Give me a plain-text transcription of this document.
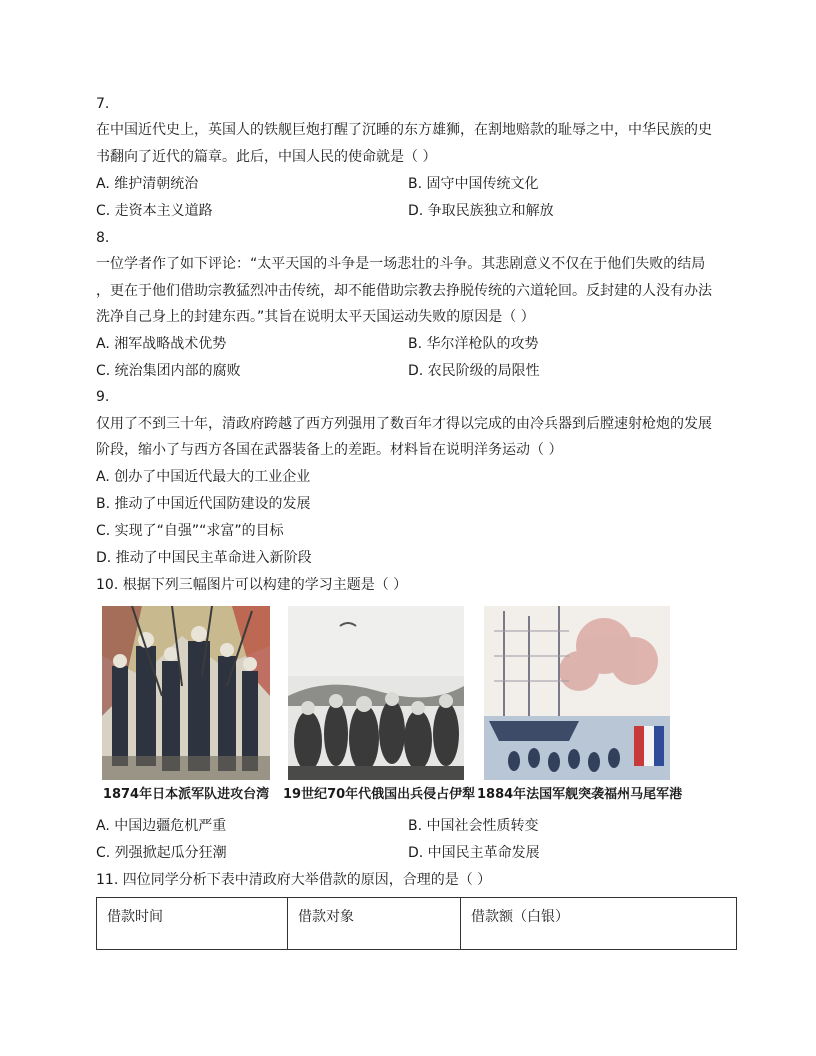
7.
在中国近代史上，英国人的铁舰巨炮打醒了沉睡的东方雄狮，在割地赔款的耻辱之中，中华民族的史
书翻向了近代的篇章。此后，中国人民的使命就是（ ）
A. 维护清朝统治	B. 固守中国传统文化
C. 走资本主义道路	D. 争取民族独立和解放
8.
一位学者作了如下评论：“太平天国的斗争是一场悲壮的斗争。其悲剧意义不仅在于他们失败的结局
，更在于他们借助宗教猛烈冲击传统，却不能借助宗教去挣脱传统的六道轮回。反封建的人没有办法
洗净自己身上的封建东西。”其旨在说明太平天国运动失败的原因是（ ）
A. 湘军战略战术优势	B. 华尔洋枪队的攻势
C. 统治集团内部的腐败	D. 农民阶级的局限性
9.
仅用了不到三十年，清政府跨越了西方列强用了数百年才得以完成的由冷兵器到后膛速射枪炮的发展
阶段，缩小了与西方各国在武器装备上的差距。材料旨在说明洋务运动（ ）
A. 创办了中国近代最大的工业企业
B. 推动了中国近代国防建设的发展
C. 实现了“自强”“求富”的目标
D. 推动了中国民主革命进入新阶段
10. 根据下列三幅图片可以构建的学习主题是（ ）
1874年日本派军队进攻台湾 19世纪70年代俄国出兵侵占伊犁 1884年法国军舰突袭福州马尾军港
A. 中国边疆危机严重	B. 中国社会性质转变
C. 列强掀起瓜分狂潮	D. 中国民主革命发展
11. 四位同学分析下表中清政府大举借款的原因，合理的是（ ）
借款时间	借款对象	借款额（白银）
